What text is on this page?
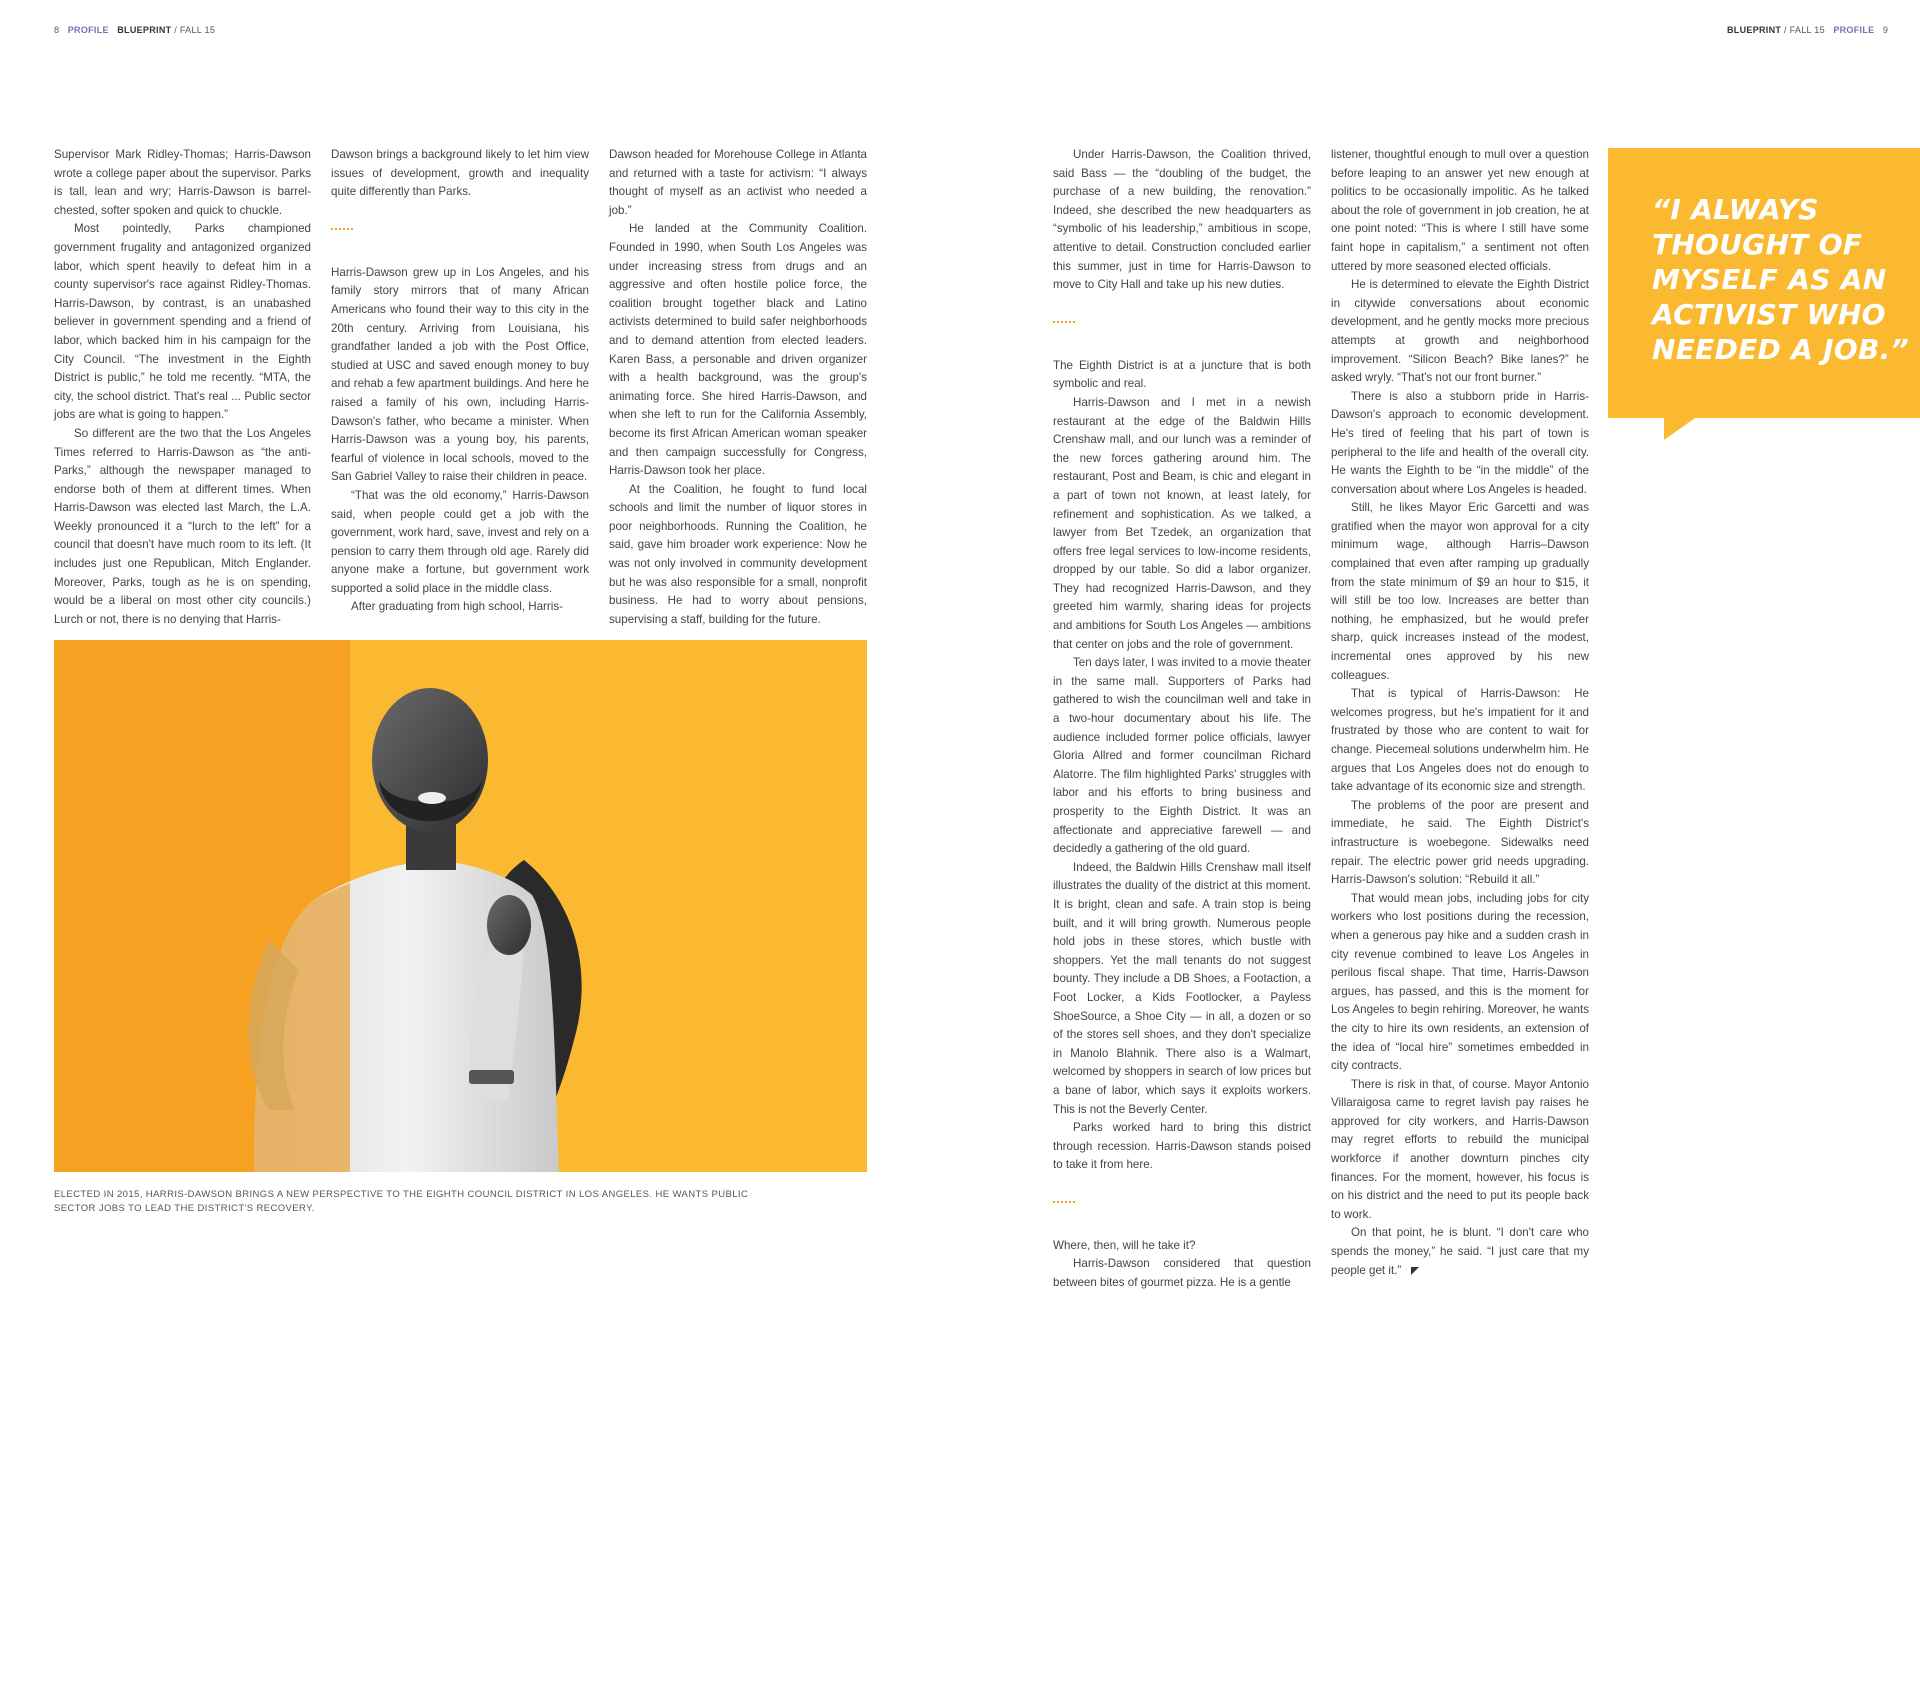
8 PROFILE BLUEPRINT / FALL 15	BLUEPRINT / FALL 15 PROFILE 9

Supervisor Mark Ridley-Thomas; Harris-Dawson wrote a college paper about the supervisor. Parks is tall, lean and wry; Harris-Dawson is barrel-chested, softer spoken and quick to chuckle.

Most pointedly, Parks championed government frugality and antagonized organized labor, which spent heavily to defeat him in a county supervisor's race against Ridley-Thomas. Harris-Dawson, by contrast, is an unabashed believer in government spending and a friend of labor, which backed him in his campaign for the City Council. “The investment in the Eighth District is public,” he told me recently. “MTA, the city, the school district. That's real ... Public sector jobs are what is going to happen.”

So different are the two that the Los Angeles Times referred to Harris-Dawson as “the anti-Parks,” although the newspaper managed to endorse both of them at different times. When Harris-Dawson was elected last March, the L.A. Weekly pronounced it a “lurch to the left” for a council that doesn't have much room to its left. (It includes just one Republican, Mitch Englander. Moreover, Parks, tough as he is on spending, would be a liberal on most other city councils.) Lurch or not, there is no denying that Harris-

Dawson brings a background likely to let him view issues of development, growth and inequality quite differently than Parks.

Harris-Dawson grew up in Los Angeles, and his family story mirrors that of many African Americans who found their way to this city in the 20th century. Arriving from Louisiana, his grandfather landed a job with the Post Office, studied at USC and saved enough money to buy and rehab a few apartment buildings. And here he raised a family of his own, including Harris-Dawson's father, who became a minister. When Harris-Dawson was a young boy, his parents, fearful of violence in local schools, moved to the San Gabriel Valley to raise their children in peace.

“That was the old economy,” Harris-Dawson said, when people could get a job with the government, work hard, save, invest and rely on a pension to carry them through old age. Rarely did anyone make a fortune, but government work supported a solid place in the middle class.

After graduating from high school, Harris-

Dawson headed for Morehouse College in Atlanta and returned with a taste for activism: “I always thought of myself as an activist who needed a job.”

He landed at the Community Coalition. Founded in 1990, when South Los Angeles was under increasing stress from drugs and an aggressive and often hostile police force, the coalition brought together black and Latino activists determined to build safer neighborhoods and to demand attention from elected leaders. Karen Bass, a personable and driven organizer with a health background, was the group's animating force. She hired Harris-Dawson, and when she left to run for the California Assembly, become its first African American woman speaker and then campaign successfully for Congress, Harris-Dawson took her place.

At the Coalition, he fought to fund local schools and limit the number of liquor stores in poor neighborhoods. Running the Coalition, he said, gave him broader work experience: Now he was not only involved in community development but he was also responsible for a small, nonprofit business. He had to worry about pensions, supervising a staff, building for the future.

PHOTO BY DAVID SPRAGUE
ELECTED IN 2015, HARRIS-DAWSON BRINGS A NEW PERSPECTIVE TO THE EIGHTH COUNCIL DISTRICT IN LOS ANGELES. HE WANTS PUBLIC SECTOR JOBS TO LEAD THE DISTRICT'S RECOVERY.

Under Harris-Dawson, the Coalition thrived, said Bass — the “doubling of the budget, the purchase of a new building, the renovation.” Indeed, she described the new headquarters as “symbolic of his leadership,” ambitious in scope, attentive to detail. Construction concluded earlier this summer, just in time for Harris-Dawson to move to City Hall and take up his new duties.

The Eighth District is at a juncture that is both symbolic and real.

Harris-Dawson and I met in a newish restaurant at the edge of the Baldwin Hills Crenshaw mall, and our lunch was a reminder of the new forces gathering around him. The restaurant, Post and Beam, is chic and elegant in a part of town not known, at least lately, for refinement and sophistication. As we talked, a lawyer from Bet Tzedek, an organization that offers free legal services to low-income residents, dropped by our table. So did a labor organizer. They had recognized Harris-Dawson, and they greeted him warmly, sharing ideas for projects and ambitions for South Los Angeles — ambitions that center on jobs and the role of government.

Ten days later, I was invited to a movie theater in the same mall. Supporters of Parks had gathered to wish the councilman well and take in a two-hour documentary about his life. The audience included former police officials, lawyer Gloria Allred and former councilman Richard Alatorre. The film highlighted Parks' struggles with labor and his efforts to bring business and prosperity to the Eighth District. It was an affectionate and appreciative farewell — and decidedly a gathering of the old guard.

Indeed, the Baldwin Hills Crenshaw mall itself illustrates the duality of the district at this moment. It is bright, clean and safe. A train stop is being built, and it will bring growth. Numerous people hold jobs in these stores, which bustle with shoppers. Yet the mall tenants do not suggest bounty. They include a DB Shoes, a Footaction, a Foot Locker, a Kids Footlocker, a Payless ShoeSource, a Shoe City — in all, a dozen or so of the stores sell shoes, and they don't specialize in Manolo Blahnik. There also is a Walmart, welcomed by shoppers in search of low prices but a bane of labor, which says it exploits workers. This is not the Beverly Center.

Parks worked hard to bring this district through recession. Harris-Dawson stands poised to take it from here.

Where, then, will he take it?

Harris-Dawson considered that question between bites of gourmet pizza. He is a gentle

listener, thoughtful enough to mull over a question before leaping to an answer yet new enough at politics to be occasionally impolitic. As he talked about the role of government in job creation, he at one point noted: “This is where I still have some faint hope in capitalism,” a sentiment not often uttered by more seasoned elected officials.

He is determined to elevate the Eighth District in citywide conversations about economic development, and he gently mocks more precious attempts at growth and neighborhood improvement. “Silicon Beach? Bike lanes?” he asked wryly. “That's not our front burner.”

There is also a stubborn pride in Harris-Dawson's approach to economic development. He's tired of feeling that his part of town is peripheral to the life and health of the overall city. He wants the Eighth to be “in the middle” of the conversation about where Los Angeles is headed.

Still, he likes Mayor Eric Garcetti and was gratified when the mayor won approval for a city minimum wage, although Harris–Dawson complained that even after ramping up gradually from the state minimum of $9 an hour to $15, it will still be too low. Increases are better than nothing, he emphasized, but he would prefer sharp, quick increases instead of the modest, incremental ones approved by his new colleagues.

That is typical of Harris-Dawson: He welcomes progress, but he's impatient for it and frustrated by those who are content to wait for change. Piecemeal solutions underwhelm him. He argues that Los Angeles does not do enough to take advantage of its economic size and strength.

The problems of the poor are present and immediate, he said. The Eighth District's infrastructure is woebegone. Sidewalks need repair. The electric power grid needs upgrading. Harris-Dawson's solution: “Rebuild it all.”

That would mean jobs, including jobs for city workers who lost positions during the recession, when a generous pay hike and a sudden crash in city revenue combined to leave Los Angeles in perilous fiscal shape. That time, Harris-Dawson argues, has passed, and this is the moment for Los Angeles to begin rehiring. Moreover, he wants the city to hire its own residents, an extension of the idea of “local hire” sometimes embedded in city contracts.

There is risk in that, of course. Mayor Antonio Villaraigosa came to regret lavish pay raises he approved for city workers, and Harris-Dawson may regret efforts to rebuild the municipal workforce if another downturn pinches city finances. For the moment, however, his focus is on his district and the need to put its people back to work.

On that point, he is blunt. “I don't care who spends the money,” he said. “I just care that my people get it.”

“I ALWAYS THOUGHT OF MYSELF AS AN ACTIVIST WHO NEEDED A JOB.”
